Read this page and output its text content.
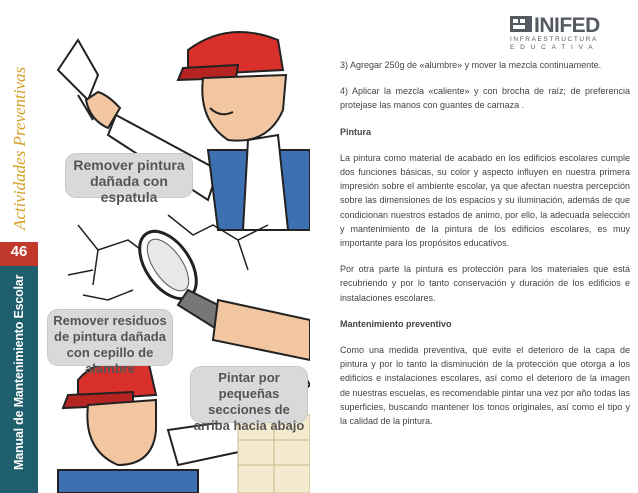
Actividades Preventivas
46
Manual de Mantenimiento Escolar
Remover pintura dañada con espatula
Remover residuos de pintura dañada con cepillo de alambre
Pintar por pequeñas secciones de arriba hacia abajo
INIFED
INFRAESTRUCTURA
EDUCATIVA

3) Agregar 250g de «alumbre» y mover la mezcla continuamente.

4) Aplicar la mezcla «caliente» y con brocha de raíz; de preferencia protejase las manos con guantes de carnaza .

Pintura

La pintura como material de acabado en los edificios escolares cumple dos funciones básicas, su color y aspecto influyen en nuestra primera impresión sobre el ambiente escolar, ya que afectan nuestra percepción sobre las dimensiones de los espacios y su iluminación, además de que condicionan nuestros estados de animo, por ello, la adecuada selección y mantenimiento de la pintura de los edificios escolares, es muy importante para los propósitos educativos.

Por otra parte la pintura es protección para los materiales que está recubriendo y por lo tanto conservación y duración de los edificios e instalaciones escolares.

Mantenimiento preventivo

Como una medida preventiva, que evite el deterioro de la capa de pintura y por lo tanto la disminución de la protección que otorga a los edificios e instalaciones escolares, así como el deterioro de la imagen de nuestras escuelas, es recomendable pintar una vez por año todas las superficies, buscando mantener los tonos originales, así como el tipo y la calidad de la pintura.
